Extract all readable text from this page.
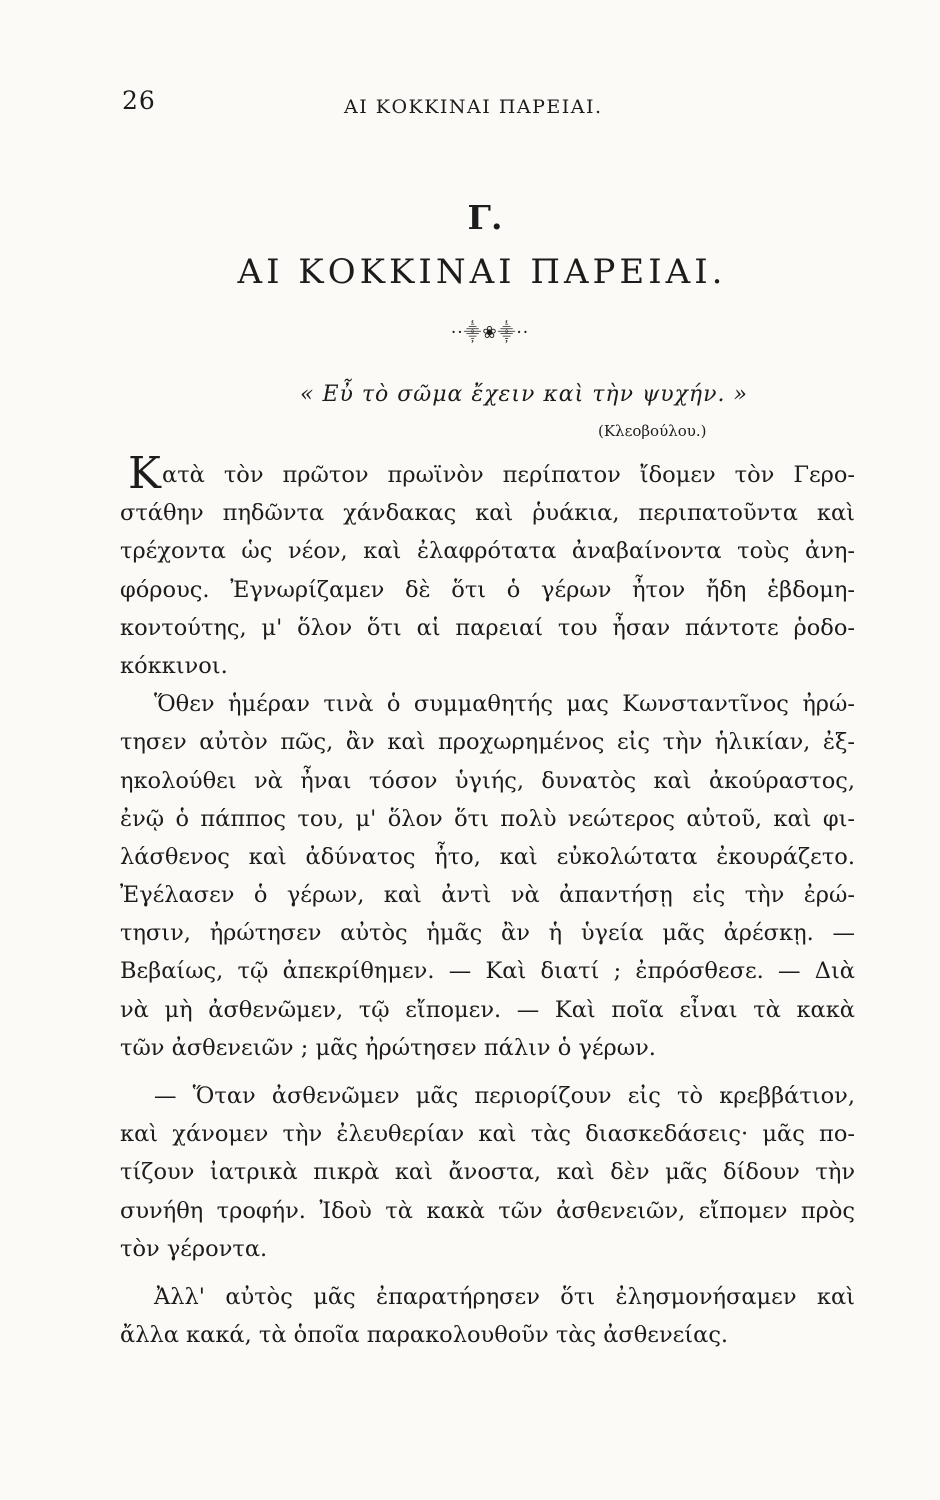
26	ΑΙ ΚΟΚΚΙΝΑΙ ΠΑΡΕΙΑΙ.
Γ.
ΑΙ ΚΟΚΚΙΝΑΙ ΠΑΡΕΙΑΙ.
··⸎❀⸎··
« Εὖ τὸ σῶμα ἔχειν καὶ τὴν ψυχήν. »
(Κλεοβούλου.)
Κ ατὰ τὸν πρῶτον πρωϊνὸν περίπατον ἴδομεν τὸν Γερο-
στάθην πηδῶντα χάνδακας καὶ ῥυάκια, περιπατοῦντα καὶ
τρέχοντα ὡς νέον, καὶ ἐλαφρότατα ἀναβαίνοντα τοὺς ἀνη-
φόρους. Ἐγνωρίζαμεν δὲ ὅτι ὁ γέρων ἦτον ἤδη ἑβδομη-
κοντούτης, μ' ὅλον ὅτι αἱ παρειαί του ἦσαν πάντοτε ῥοδο-
κόκκινοι.
Ὅθεν ἡμέραν τινὰ ὁ συμμαθητής μας Κωνσταντῖνος ἠρώ-
τησεν αὐτὸν πῶς, ἂν καὶ προχωρημένος εἰς τὴν ἡλικίαν, ἐξ-
ηκολούθει νὰ ἦναι τόσον ὑγιής, δυνατὸς καὶ ἀκούραστος,
ἐνῷ ὁ πάππος του, μ' ὅλον ὅτι πολὺ νεώτερος αὐτοῦ, καὶ φι-
λάσθενος καὶ ἀδύνατος ἦτο, καὶ εὐκολώτατα ἐκουράζετο.
Ἐγέλασεν ὁ γέρων, καὶ ἀντὶ νὰ ἀπαντήσῃ εἰς τὴν ἐρώ-
τησιν, ἠρώτησεν αὐτὸς ἡμᾶς ἂν ἡ ὑγεία μᾶς ἀρέσκῃ. —
Βεβαίως, τῷ ἀπεκρίθημεν. — Καὶ διατί ; ἐπρόσθεσε. — Διὰ
νὰ μὴ ἀσθενῶμεν, τῷ εἴπομεν. — Καὶ ποῖα εἶναι τὰ κακὰ
τῶν ἀσθενειῶν ; μᾶς ἠρώτησεν πάλιν ὁ γέρων.
— Ὅταν ἀσθενῶμεν μᾶς περιορίζουν εἰς τὸ κρεββάτιον,
καὶ χάνομεν τὴν ἐλευθερίαν καὶ τὰς διασκεδάσεις· μᾶς πο-
τίζουν ἰατρικὰ πικρὰ καὶ ἄνοστα, καὶ δὲν μᾶς δίδουν τὴν
συνήθη τροφήν. Ἰδοὺ τὰ κακὰ τῶν ἀσθενειῶν, εἴπομεν πρὸς
τὸν γέροντα.
Ἀλλ' αὐτὸς μᾶς ἐπαρατήρησεν ὅτι ἐλησμονήσαμεν καὶ
ἄλλα κακά, τὰ ὁποῖα παρακολουθοῦν τὰς ἀσθενείας.
